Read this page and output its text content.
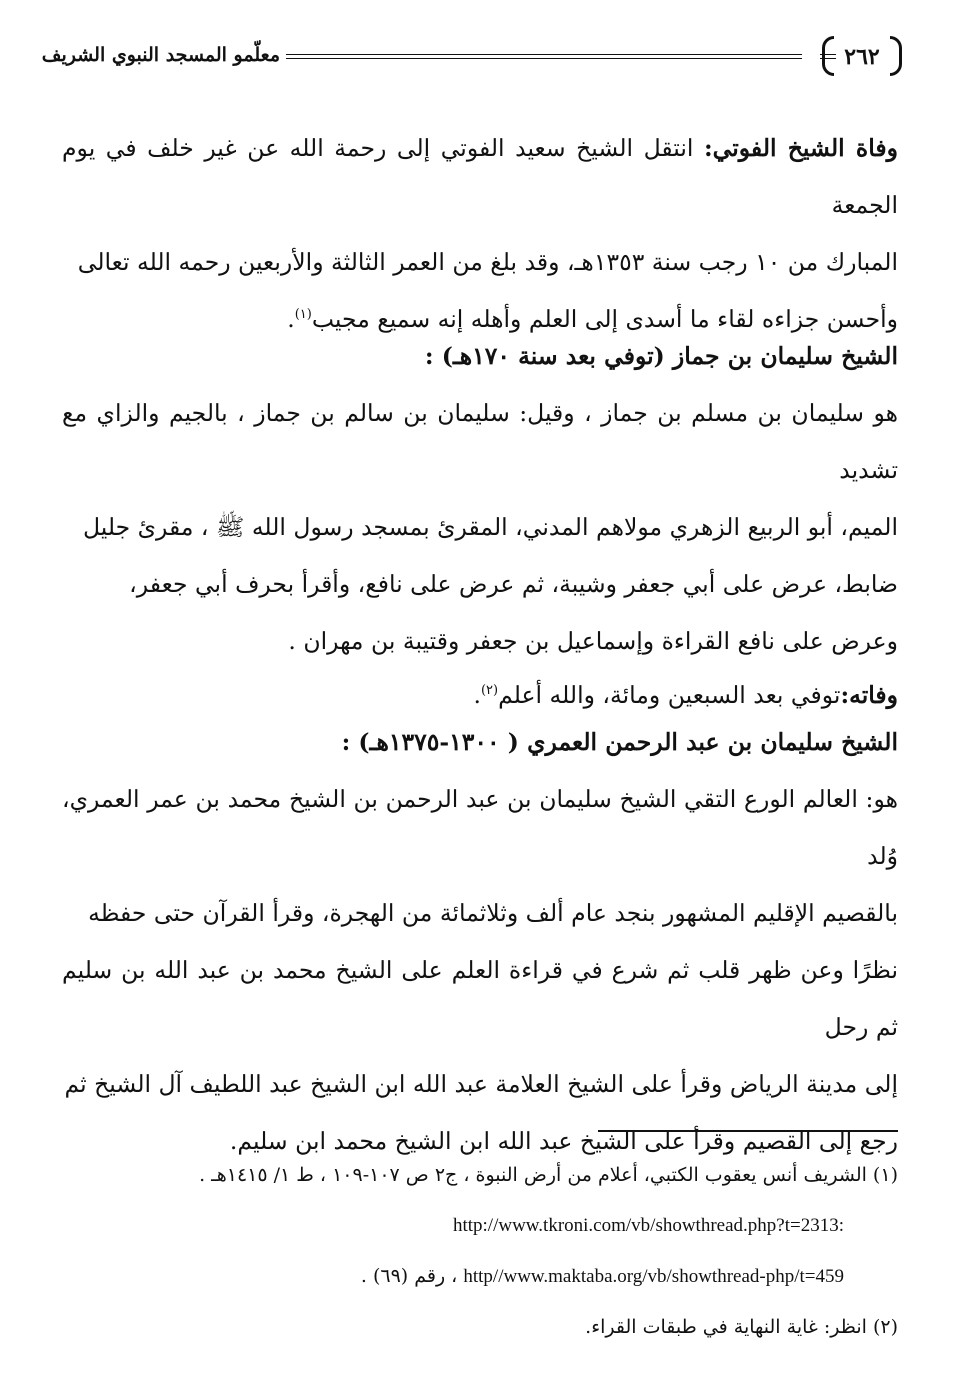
٢٦٢
معلّمو المسجد النبوي الشريف

وفاة الشيخ الفوتي: انتقل الشيخ سعيد الفوتي إلى رحمة الله عن غير خلف في يوم الجمعة

المبارك من ١٠ رجب سنة ١٣٥٣هـ، وقد بلغ من العمر الثالثة والأربعين رحمه الله تعالى

وأحسن جزاءه لقاء ما أسدى إلى العلم وأهله إنه سميع مجيب$^{(١)}$.

الشيخ سليمان بن جماز (توفي بعد سنة ١٧٠هـ) :

هو سليمان بن مسلم بن جماز ، وقيل: سليمان بن سالم بن جماز ، بالجيم والزاي مع تشديد

الميم، أبو الربيع الزهري مولاهم المدني، المقرئ بمسجد رسول الله ﷺ ، مقرئ جليل

ضابط، عرض على أبي جعفر وشيبة، ثم عرض على نافع، وأقرأ بحرف أبي جعفر،

وعرض على نافع القراءة وإسماعيل بن جعفر وقتيبة بن مهران .

وفاته:توفي بعد السبعين ومائة، والله أعلم$^{(٢)}$.

الشيخ سليمان بن عبد الرحمن العمري ( ١٣٠٠-١٣٧٥هـ) :

هو: العالم الورع التقي الشيخ سليمان بن عبد الرحمن بن الشيخ محمد بن عمر العمري، وُلد

بالقصيم الإقليم المشهور بنجد عام ألف وثلاثمائة من الهجرة، وقرأ القرآن حتى حفظه

نظرًا وعن ظهر قلب ثم شرع في قراءة العلم على الشيخ محمد بن عبد الله بن سليم ثم رحل

إلى مدينة الرياض وقرأ على الشيخ العلامة عبد الله ابن الشيخ عبد اللطيف آل الشيخ ثم

رجع إلى القصيم وقرأ على الشيخ عبد الله ابن الشيخ محمد ابن سليم.

(١) الشريف أنس يعقوب الكتبي، أعلام من أرض النبوة ، ج٢ ص ١٠٧-١٠٩ ، ط ١/ ١٤١٥هـ .

http://www.tkroni.com/vb/showthread.php?t=2313:

http//www.maktaba.org/vb/showthread-php/t=459 ، رقم (٦٩) .

(٢) انظر: غاية النهاية في طبقات القراء.
